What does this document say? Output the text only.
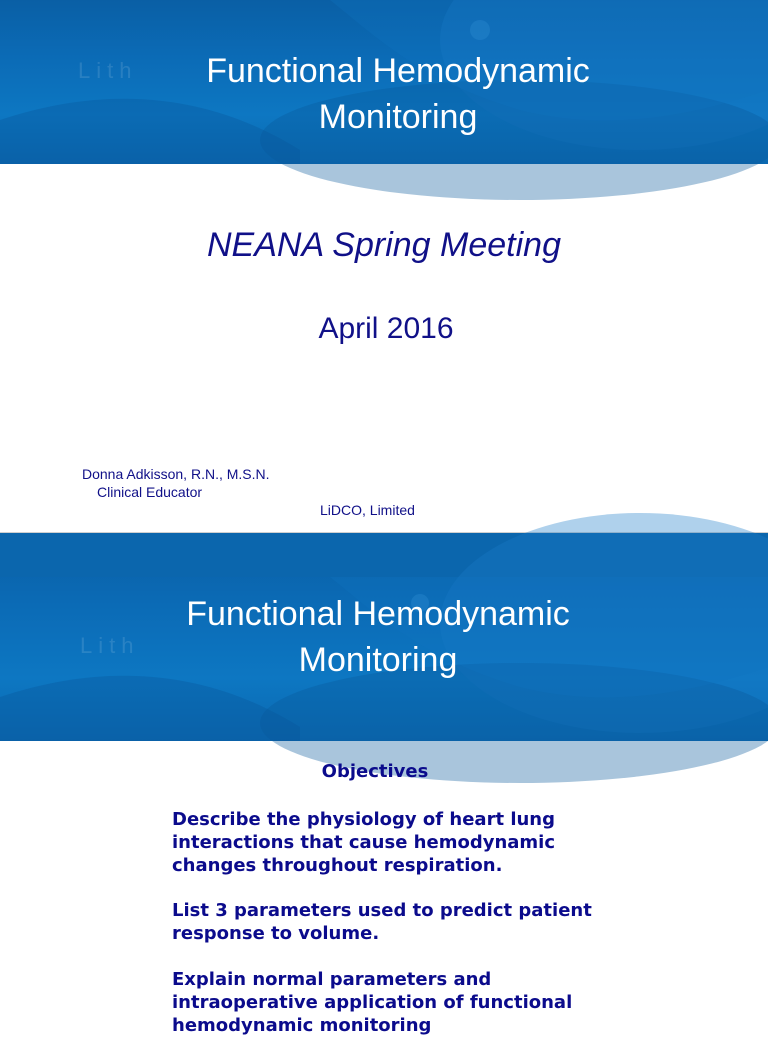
Lith	Functional Hemodynamic
Monitoring
NEANA Spring Meeting
April 2016
Donna Adkisson, R.N., M.S.N.
Clinical Educator
LiDCO, Limited
Lith
Functional Hemodynamic
Monitoring
Objectives
Describe the physiology of heart lung interactions that cause hemodynamic changes throughout respiration.
List 3 parameters used to predict patient response to volume.
Explain normal parameters and intraoperative application of functional hemodynamic monitoring
